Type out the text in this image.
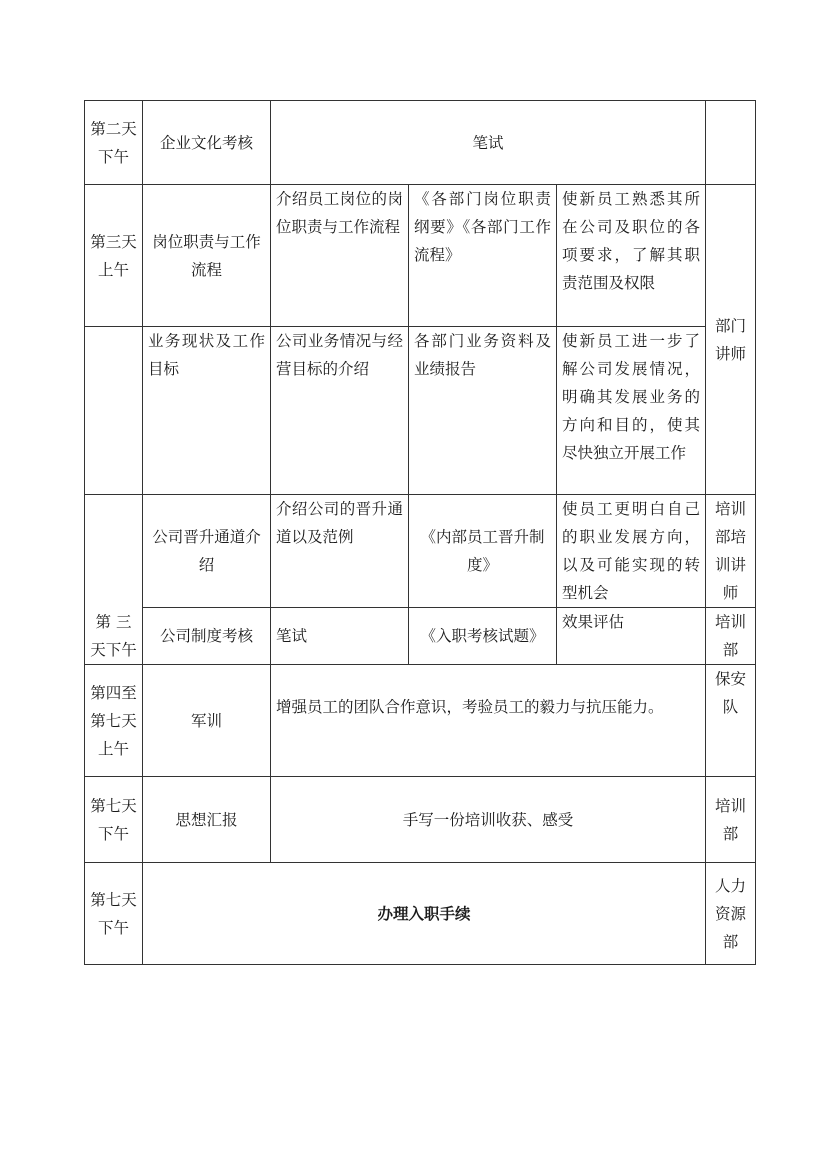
第二天下午	企业文化考核	笔试			
第三天上午	岗位职责与工作流程	介绍员工岗位的岗位职责与工作流程	《各部门岗位职责纲要》《各部门工作流程》	使新员工熟悉其所在公司及职位的各项要求，了解其职责范围及权限	部门讲师
	业务现状及工作目标	公司业务情况与经营目标的介绍	各部门业务资料及业绩报告	使新员工进一步了解公司发展情况，明确其发展业务的方向和目的，使其尽快独立开展工作	
第 三天下午	公司晋升通道介绍	介绍公司的晋升通道以及范例	《内部员工晋升制度》	使员工更明白自己的职业发展方向，以及可能实现的转型机会	培训部培训讲师
	公司制度考核	笔试	《入职考核试题》	效果评估	培训部
第四至第七天上午	军训	增强员工的团队合作意识，考验员工的毅力与抗压能力。			保安队
第七天下午	思想汇报	手写一份培训收获、感受			培训部
第七天下午	办理入职手续				人力资源部
